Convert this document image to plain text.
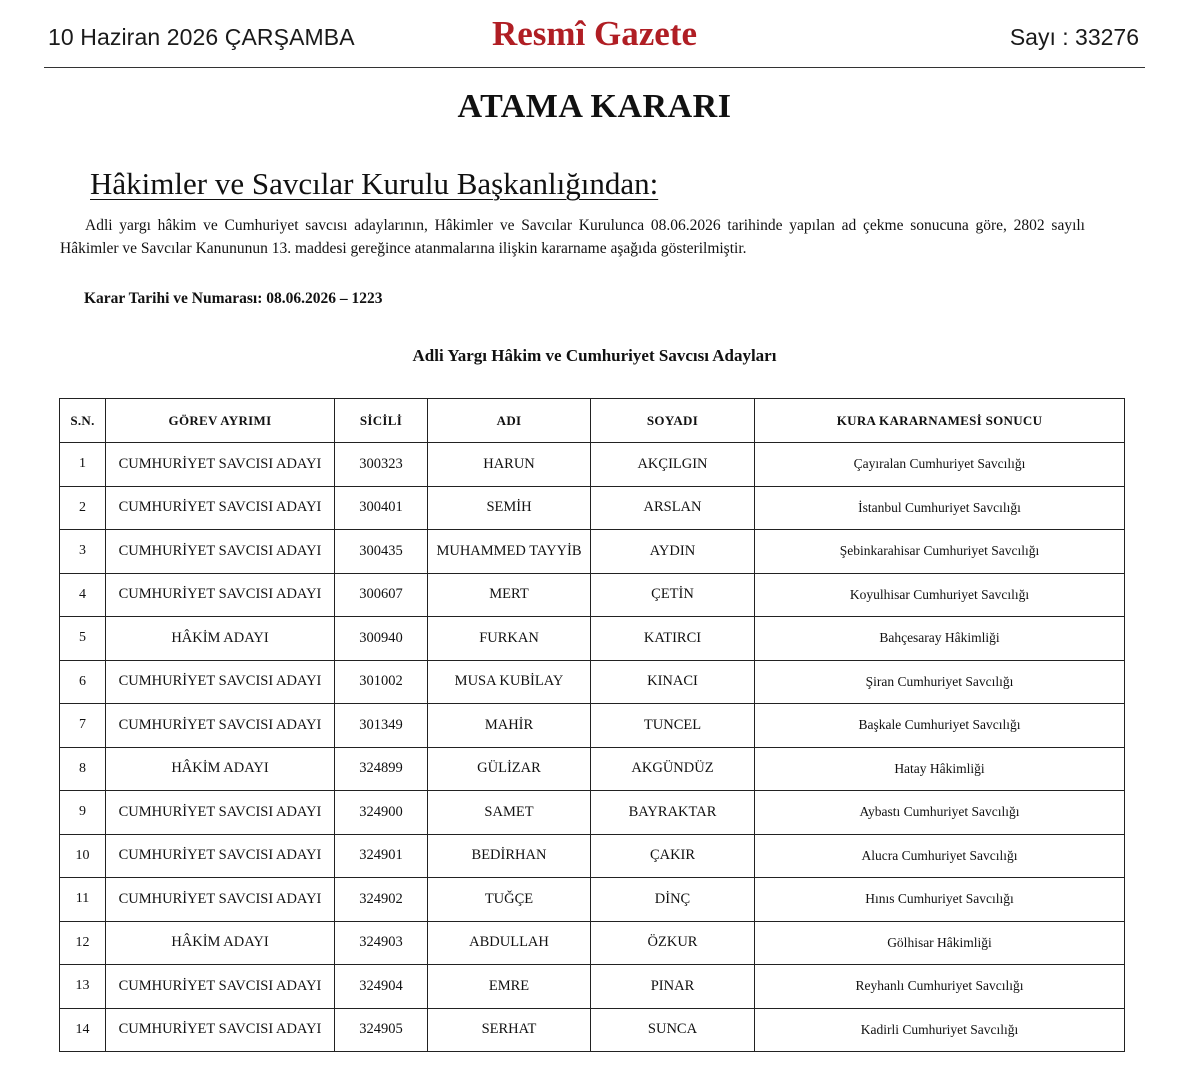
10 Haziran 2026 ÇARŞAMBA	Resmî Gazete	Sayı : 33276
ATAMA KARARI
Hâkimler ve Savcılar Kurulu Başkanlığından:
Adli yargı hâkim ve Cumhuriyet savcısı adaylarının, Hâkimler ve Savcılar Kurulunca 08.06.2026 tarihinde yapılan ad çekme sonucuna göre, 2802 sayılı Hâkimler ve Savcılar Kanununun 13. maddesi gereğince atanmalarına ilişkin kararname aşağıda gösterilmiştir.
Karar Tarihi ve Numarası: 08.06.2026 – 1223
Adli Yargı Hâkim ve Cumhuriyet Savcısı Adayları
S.N.	GÖREV AYRIMI	SİCİLİ	ADI	SOYADI	KURA KARARNAMESİ SONUCU
1	CUMHURİYET SAVCISI ADAYI	300323	HARUN	AKÇILGIN	Çayıralan Cumhuriyet Savcılığı
2	CUMHURİYET SAVCISI ADAYI	300401	SEMİH	ARSLAN	İstanbul Cumhuriyet Savcılığı
3	CUMHURİYET SAVCISI ADAYI	300435	MUHAMMED TAYYİB	AYDIN	Şebinkarahisar Cumhuriyet Savcılığı
4	CUMHURİYET SAVCISI ADAYI	300607	MERT	ÇETİN	Koyulhisar Cumhuriyet Savcılığı
5	HÂKİM ADAYI	300940	FURKAN	KATIRCI	Bahçesaray Hâkimliği
6	CUMHURİYET SAVCISI ADAYI	301002	MUSA KUBİLAY	KINACI	Şiran Cumhuriyet Savcılığı
7	CUMHURİYET SAVCISI ADAYI	301349	MAHİR	TUNCEL	Başkale Cumhuriyet Savcılığı
8	HÂKİM ADAYI	324899	GÜLİZAR	AKGÜNDÜZ	Hatay Hâkimliği
9	CUMHURİYET SAVCISI ADAYI	324900	SAMET	BAYRAKTAR	Aybastı Cumhuriyet Savcılığı
10	CUMHURİYET SAVCISI ADAYI	324901	BEDİRHAN	ÇAKIR	Alucra Cumhuriyet Savcılığı
11	CUMHURİYET SAVCISI ADAYI	324902	TUĞÇE	DİNÇ	Hınıs Cumhuriyet Savcılığı
12	HÂKİM ADAYI	324903	ABDULLAH	ÖZKUR	Gölhisar Hâkimliği
13	CUMHURİYET SAVCISI ADAYI	324904	EMRE	PINAR	Reyhanlı Cumhuriyet Savcılığı
14	CUMHURİYET SAVCISI ADAYI	324905	SERHAT	SUNCA	Kadirli Cumhuriyet Savcılığı
